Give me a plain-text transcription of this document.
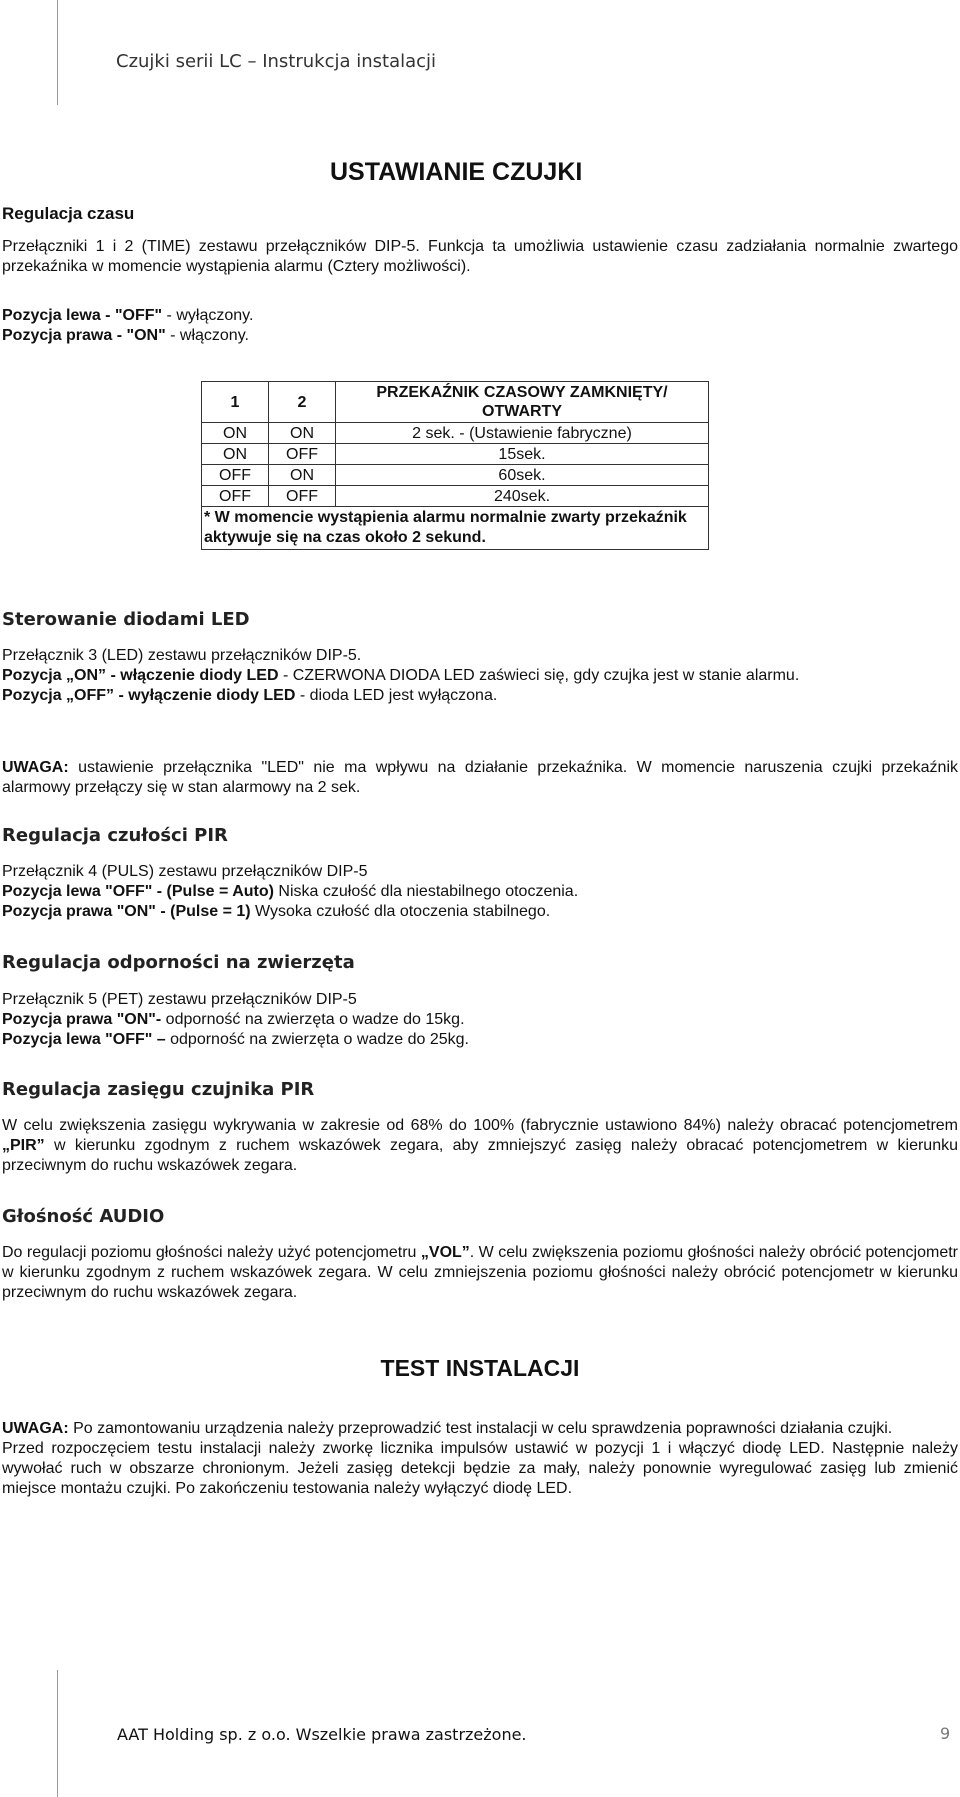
Czujki serii LC – Instrukcja instalacji
USTAWIANIE CZUJKI
Regulacja czasu

Przełączniki 1 i 2 (TIME) zestawu przełączników DIP-5. Funkcja ta umożliwia ustawienie czasu zadziałania normalnie zwartego przekaźnika w momencie wystąpienia alarmu (Cztery możliwości).

Pozycja lewa - "OFF" - wyłączony.

Pozycja prawa - "ON" - włączony.

1	2	PRZEKAŹNIK CZASOWY ZAMKNIĘTY/ OTWARTY
ON	ON	2 sek. - (Ustawienie fabryczne)
ON	OFF	15sek.
OFF	ON	60sek.
OFF	OFF	240sek.
* W momencie wystąpienia alarmu normalnie zwarty przekaźnik aktywuje się na czas około 2 sekund.		
Sterowanie diodami LED

Przełącznik 3 (LED) zestawu przełączników DIP-5.

Pozycja „ON” - włączenie diody LED - CZERWONA DIODA LED zaświeci się, gdy czujka jest w stanie alarmu.

Pozycja „OFF” - wyłączenie diody LED - dioda LED jest wyłączona.

UWAGA: ustawienie przełącznika "LED" nie ma wpływu na działanie przekaźnika. W momencie naruszenia czujki przekaźnik alarmowy przełączy się w stan alarmowy na 2 sek.

Regulacja czułości PIR

Przełącznik 4 (PULS) zestawu przełączników DIP-5

Pozycja lewa "OFF" - (Pulse = Auto) Niska czułość dla niestabilnego otoczenia.

Pozycja prawa "ON" - (Pulse = 1) Wysoka czułość dla otoczenia stabilnego.

Regulacja odporności na zwierzęta

Przełącznik 5 (PET) zestawu przełączników DIP-5

Pozycja prawa "ON"- odporność na zwierzęta o wadze do 15kg.

Pozycja lewa "OFF" – odporność na zwierzęta o wadze do 25kg.

Regulacja zasięgu czujnika PIR

W celu zwiększenia zasięgu wykrywania w zakresie od 68% do 100% (fabrycznie ustawiono 84%) należy obracać potencjometrem „PIR” w kierunku zgodnym z ruchem wskazówek zegara, aby zmniejszyć zasięg należy obracać potencjometrem w kierunku przeciwnym do ruchu wskazówek zegara.

Głośność AUDIO

Do regulacji poziomu głośności należy użyć potencjometru „VOL”. W celu zwiększenia poziomu głośności należy obrócić potencjometr w kierunku zgodnym z ruchem wskazówek zegara. W celu zmniejszenia poziomu głośności należy obrócić potencjometr w kierunku przeciwnym do ruchu wskazówek zegara.

TEST INSTALACJI

UWAGA: Po zamontowaniu urządzenia należy przeprowadzić test instalacji w celu sprawdzenia poprawności działania czujki.

Przed rozpoczęciem testu instalacji należy zworkę licznika impulsów ustawić w pozycji 1 i włączyć diodę LED. Następnie należy wywołać ruch w obszarze chronionym. Jeżeli zasięg detekcji będzie za mały, należy ponownie wyregulować zasięg lub zmienić miejsce montażu czujki. Po zakończeniu testowania należy wyłączyć diodę LED.

AAT Holding sp. z o.o. Wszelkie prawa zastrzeżone.	9
